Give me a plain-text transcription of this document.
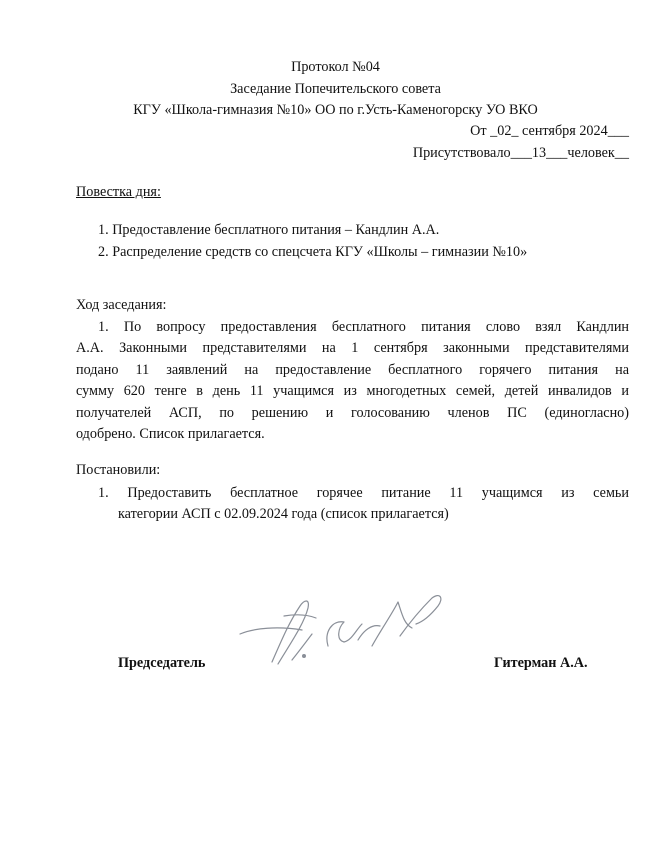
Протокол №04
Заседание Попечительского совета
КГУ «Школа-гимназия №10» ОО по г.Усть-Каменогорску УО ВКО
От _02_ сентября 2024___
Присутствовало___13___человек__
Повестка дня:
1. Предоставление бесплатного питания – Кандлин А.А.
2. Распределение средств со спецсчета КГУ «Школы – гимназии №10»
Ход заседания:
1. По вопросу предоставления бесплатного питания слово взял Кандлин
А.А. Законными представителями на 1 сентября законными представителями
подано 11 заявлений на предоставление бесплатного горячего питания на
сумму 620 тенге в день 11 учащимся из многодетных семей, детей инвалидов и
получателей АСП, по решению и голосованию членов ПС (единогласно)
одобрено. Список прилагается.
Постановили:
1. Предоставить бесплатное горячее питание 11 учащимся из семьи
категории АСП с 02.09.2024 года (список прилагается)
Председатель	Гитерман А.А.
